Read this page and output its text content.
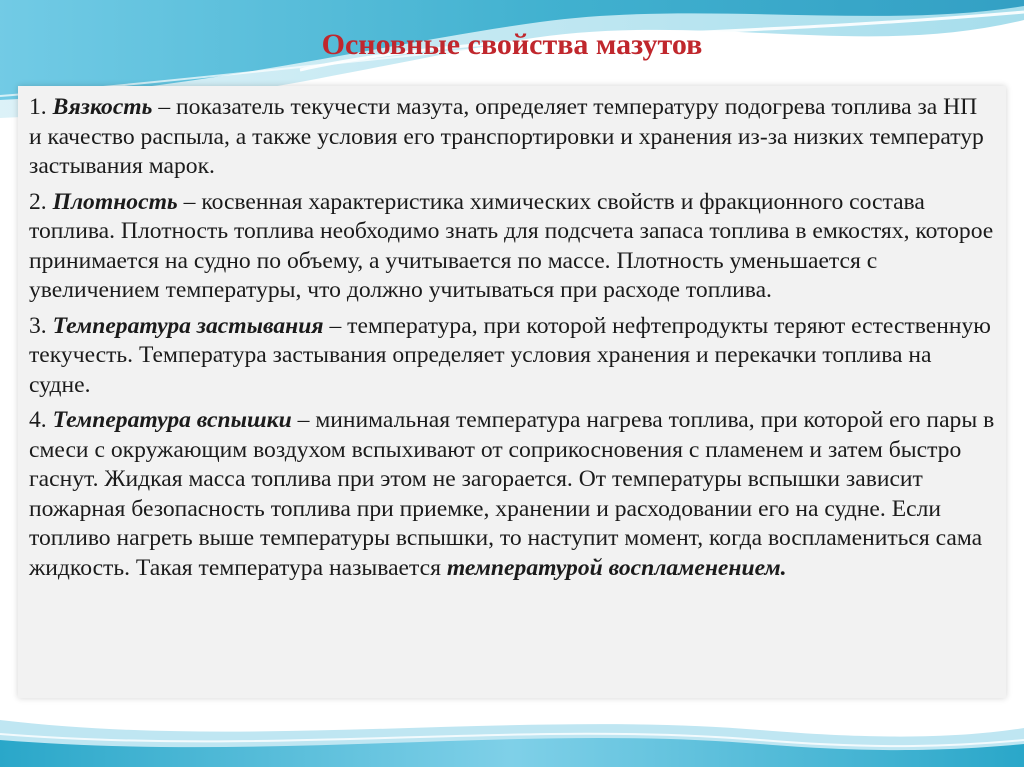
Основные свойства мазутов

1. Вязкость – показатель текучести мазута, определяет температуру подогрева топлива за НП и качество распыла, а также условия его транспортировки и хранения из-за низких температур застывания марок.

2. Плотность – косвенная характеристика химических свойств и фракционного состава топлива. Плотность топлива необходимо знать для подсчета запаса топлива в емкостях, которое принимается на судно по объему, а учитывается по массе. Плотность уменьшается с увеличением температуры, что должно учитываться при расходе топлива.

3. Температура застывания – температура, при которой нефтепродукты теряют естественную текучесть. Температура застывания определяет условия хранения и перекачки топлива на судне.

4. Температура вспышки – минимальная температура нагрева топлива, при которой его пары в смеси с окружающим воздухом вспыхивают от соприкосновения с пламенем и затем быстро гаснут. Жидкая масса топлива при этом не загорается. От температуры вспышки зависит пожарная безопасность топлива при приемке, хранении и расходовании его на судне. Если топливо нагреть выше температуры вспышки, то наступит момент, когда воспламениться сама жидкость. Такая температура называется температурой воспламенением.
